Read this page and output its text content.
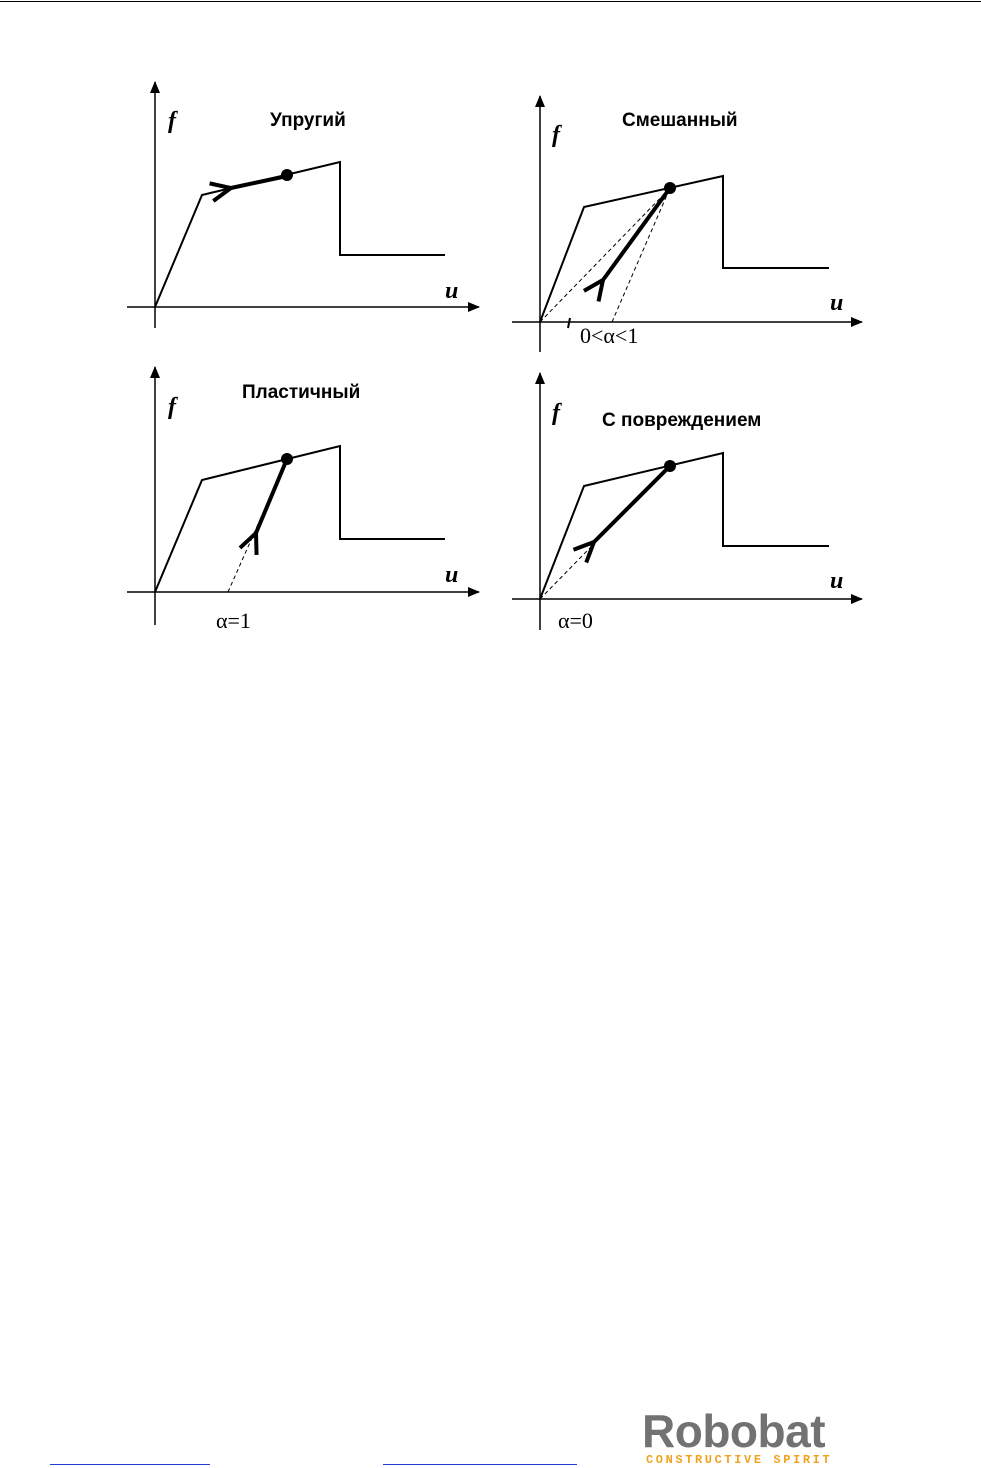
Упругий
f
u
Смешанный
f
u
0<α<1
Пластичный
f
u
α=1
С повреждением
f
u
α=0
Robobat
CONSTRUCTIVE SPIRIT
